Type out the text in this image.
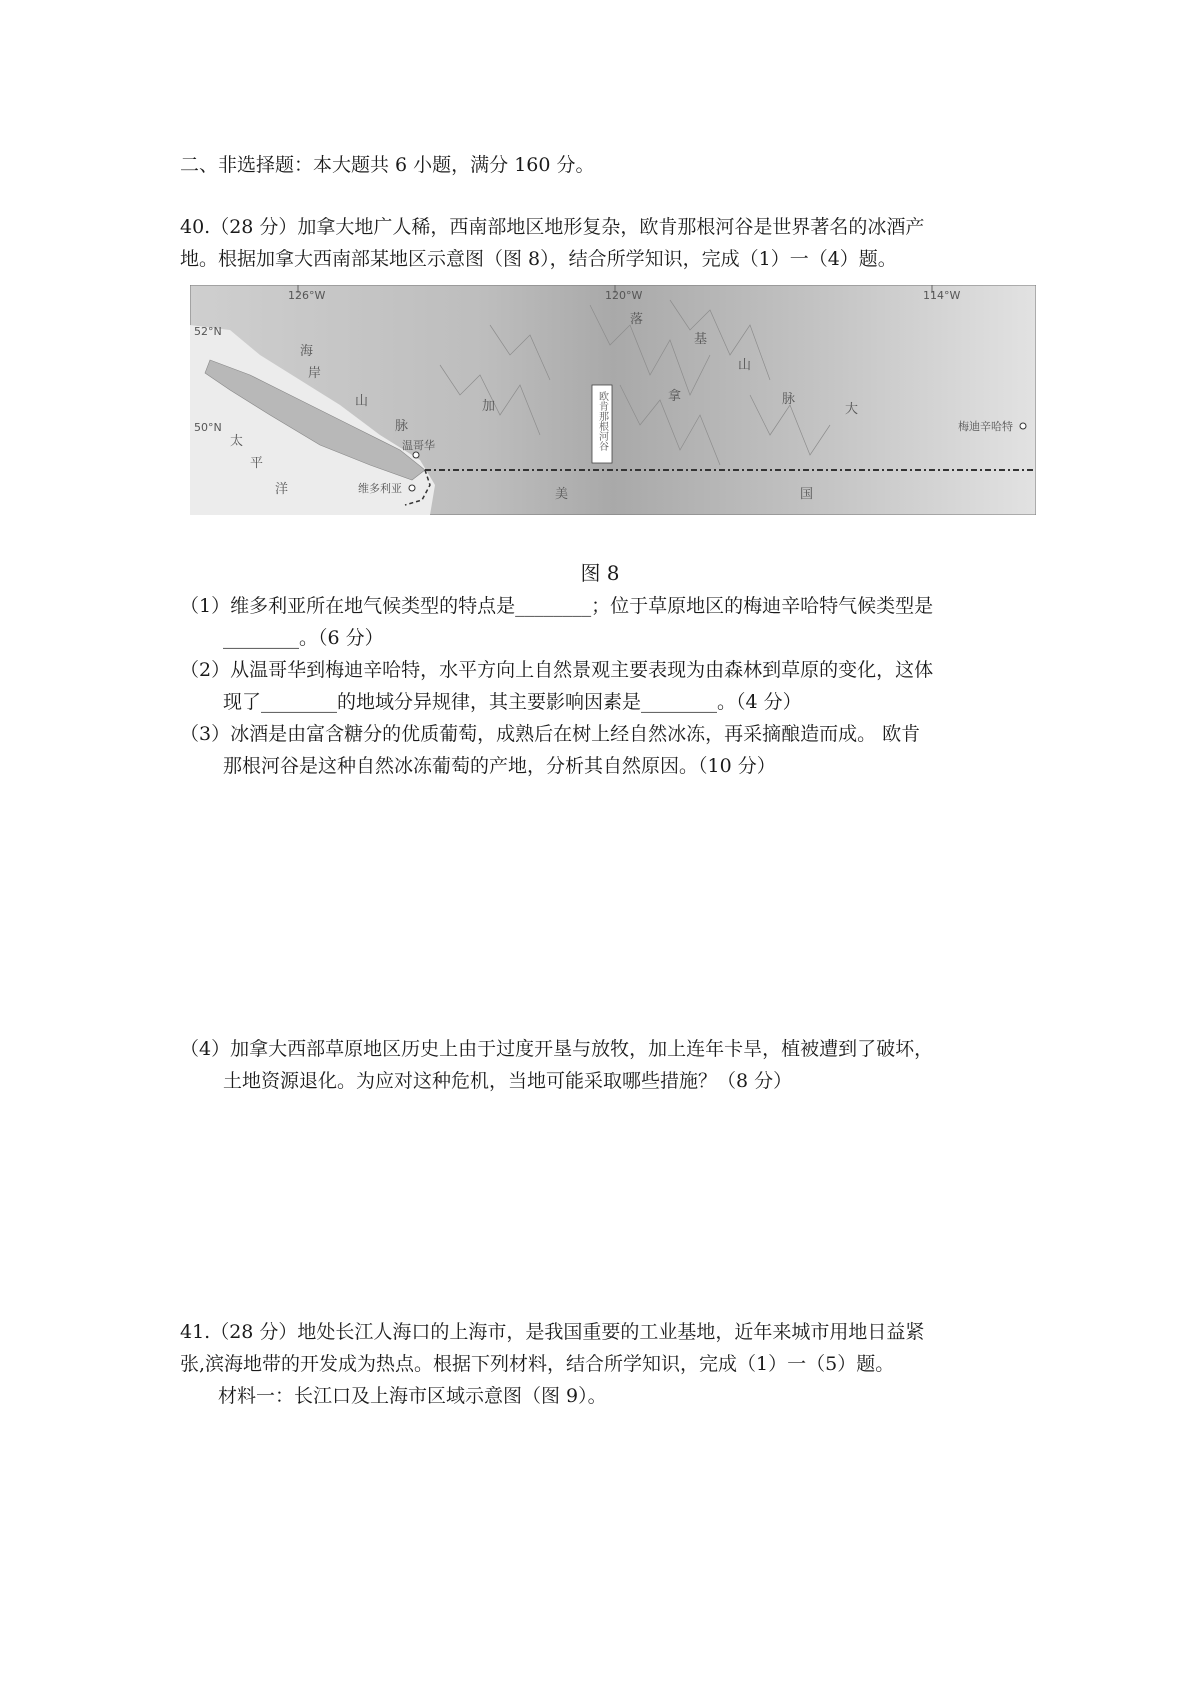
二、非选择题：本大题共 6 小题，满分 160 分。
40.（28 分）加拿大地广人稀，西南部地区地形复杂，欧肯那根河谷是世界著名的冰酒产
地。根据加拿大西南部某地区示意图（图 8），结合所学知识，完成（1）一（4）题。
126°W	120°W	114°W
52°N
50°N
海
岸
山
脉
加
落
基
山
脉
拿
大
美	国
太
平
洋
欧肯那根河谷
温哥华
维多利亚
梅迪辛哈特
图 8
（1）维多利亚所在地气候类型的特点是________；位于草原地区的梅迪辛哈特气候类型是
________。（6 分）
（2）从温哥华到梅迪辛哈特，水平方向上自然景观主要表现为由森林到草原的变化，这体
现了________的地域分异规律，其主要影响因素是________。（4 分）
（3）冰酒是由富含糖分的优质葡萄，成熟后在树上经自然冰冻，再采摘酿造而成。 欧肯
那根河谷是这种自然冰冻葡萄的产地，分析其自然原因。（10 分）
（4）加拿大西部草原地区历史上由于过度开垦与放牧，加上连年卡旱，植被遭到了破坏，
土地资源退化。为应对这种危机，当地可能采取哪些措施？（8 分）
41.（28 分）地处长江人海口的上海市，是我国重要的工业基地，近年来城市用地日益紧
张,滨海地带的开发成为热点。根据下列材料，结合所学知识，完成（1）一（5）题。
材料一：长江口及上海市区域示意图（图 9）。
